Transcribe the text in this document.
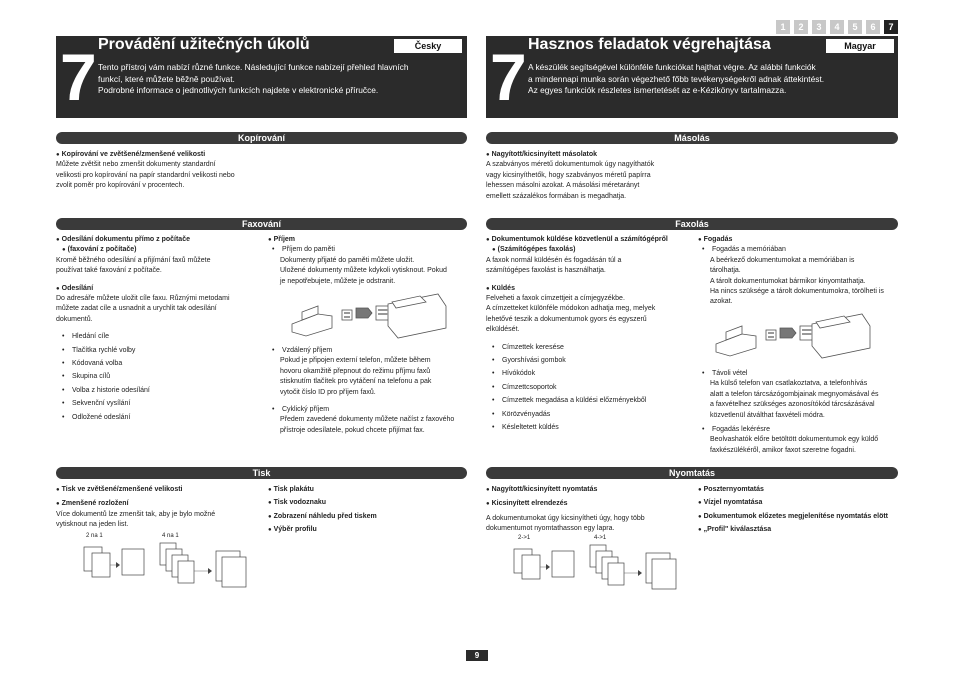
1	2	3	4	5	6	7
7 Provádění užitečných úkolů	Česky
Tento přístroj vám nabízí různé funkce. Následující funkce nabízejí přehled hlavních
funkcí, které můžete běžně používat.
Podrobné informace o jednotlivých funkcích najdete v elektronické příručce.	7 Hasznos feladatok végrehajtása	Magyar
A készülék segítségével különféle funkciókat hajthat végre. Az alábbi funkciók
a mindennapi munka során végezhető főbb tevékenységekről adnak áttekintést.
Az egyes funkciók részletes ismertetését az e-Kézikönyv tartalmazza.
Kopírování	Másolás
Faxování	Faxolás
Tisk	Nyomtatás
● Kopírování ve zvětšené/zmenšené velikosti
Můžete zvětšit nebo zmenšit dokumenty standardní
velikosti pro kopírování na papír standardní velikosti nebo
zvolit poměr pro kopírování v procentech.
● Nagyított/kicsinyített másolatok
A szabványos méretű dokumentumok úgy nagyíthatók
vagy kicsinyíthetők, hogy szabványos méretű papírra
lehessen másolni azokat. A másolási méretarányt
emellett százalékos formában is megadhatja.
● Odesílání dokumentu přímo z počítače
● (faxování z počítače)
Kromě běžného odesílání a přijímání faxů můžete
používat také faxování z počítače.
● Odesílání
Do adresáře můžete uložit cíle faxu. Různými metodami
můžete zadat cíle a usnadnit a urychlit tak odesílání
dokumentů.
• Hledání cíle
• Tlačítka rychlé volby
• Kódovaná volba
• Skupina cílů
• Volba z historie odesílání
• Sekvenční vysílání
• Odložené odeslání
● Příjem
• Příjem do paměti
Dokumenty přijaté do paměti můžete uložit.
Uložené dokumenty můžete kdykoli vytisknout. Pokud
je nepotřebujete, můžete je odstranit.
• Vzdálený příjem
Pokud je připojen externí telefon, můžete během
hovoru okamžitě přepnout do režimu příjmu faxů
stisknutím tlačítek pro vytáčení na telefonu a pak
vytočit číslo ID pro příjem faxů.
• Cyklický příjem
Předem zavedené dokumenty můžete načíst z faxového
přístroje odesílatele, pokud chcete přijímat fax.
● Dokumentumok küldése közvetlenül a számítógépről
● (Számítógépes faxolás)
A faxok normál küldésén és fogadásán túl a
számítógépes faxolást is használhatja.
● Küldés
Felveheti a faxok címzettjeit a címjegyzékbe.
A címzetteket különféle módokon adhatja meg, melyek
lehetővé teszik a dokumentumok gyors és egyszerű
elküldését.
• Címzettek keresése
• Gyorshívási gombok
• Hívókódok
• Címzettcsoportok
• Címzettek megadása a küldési előzményekből
• Körözvényadás
• Késleltetett küldés
● Fogadás
• Fogadás a memóriában
A beérkező dokumentumokat a memóriában is
tárolhatja.
A tárolt dokumentumokat bármikor kinyomtathatja.
Ha nincs szüksége a tárolt dokumentumokra, törölheti is
azokat.
• Távoli vétel
Ha külső telefon van csatlakoztatva, a telefonhívás
alatt a telefon tárcsázógombjainak megnyomásával és
a faxvételhez szükséges azonosítókód tárcsázásával
közvetlenül átválthat faxvételi módra.
• Fogadás lekérésre
Beolvashatók előre betöltött dokumentumok egy küldő
faxkészülékéről, amikor faxot szeretne fogadni.
● Tisk ve zvětšené/zmenšené velikosti
● Zmenšené rozložení
Více dokumentů lze zmenšit tak, aby je bylo možné
vytisknout na jeden list.
● Tisk plakátu
● Tisk vodoznaku
● Zobrazení náhledu před tiskem
● Výběr profilu
2 na 1	4 na 1
● Nagyított/kicsinyített nyomtatás
● Kicsinyített elrendezés
A dokumentumokat úgy kicsinyítheti úgy, hogy több
dokumentumot nyomtathasson egy lapra.
● Poszternyomtatás
● Vízjel nyomtatása
● Dokumentumok előzetes megjelenítése nyomtatás elött
● „Profil" kiválasztása
2->1	4->1
9
